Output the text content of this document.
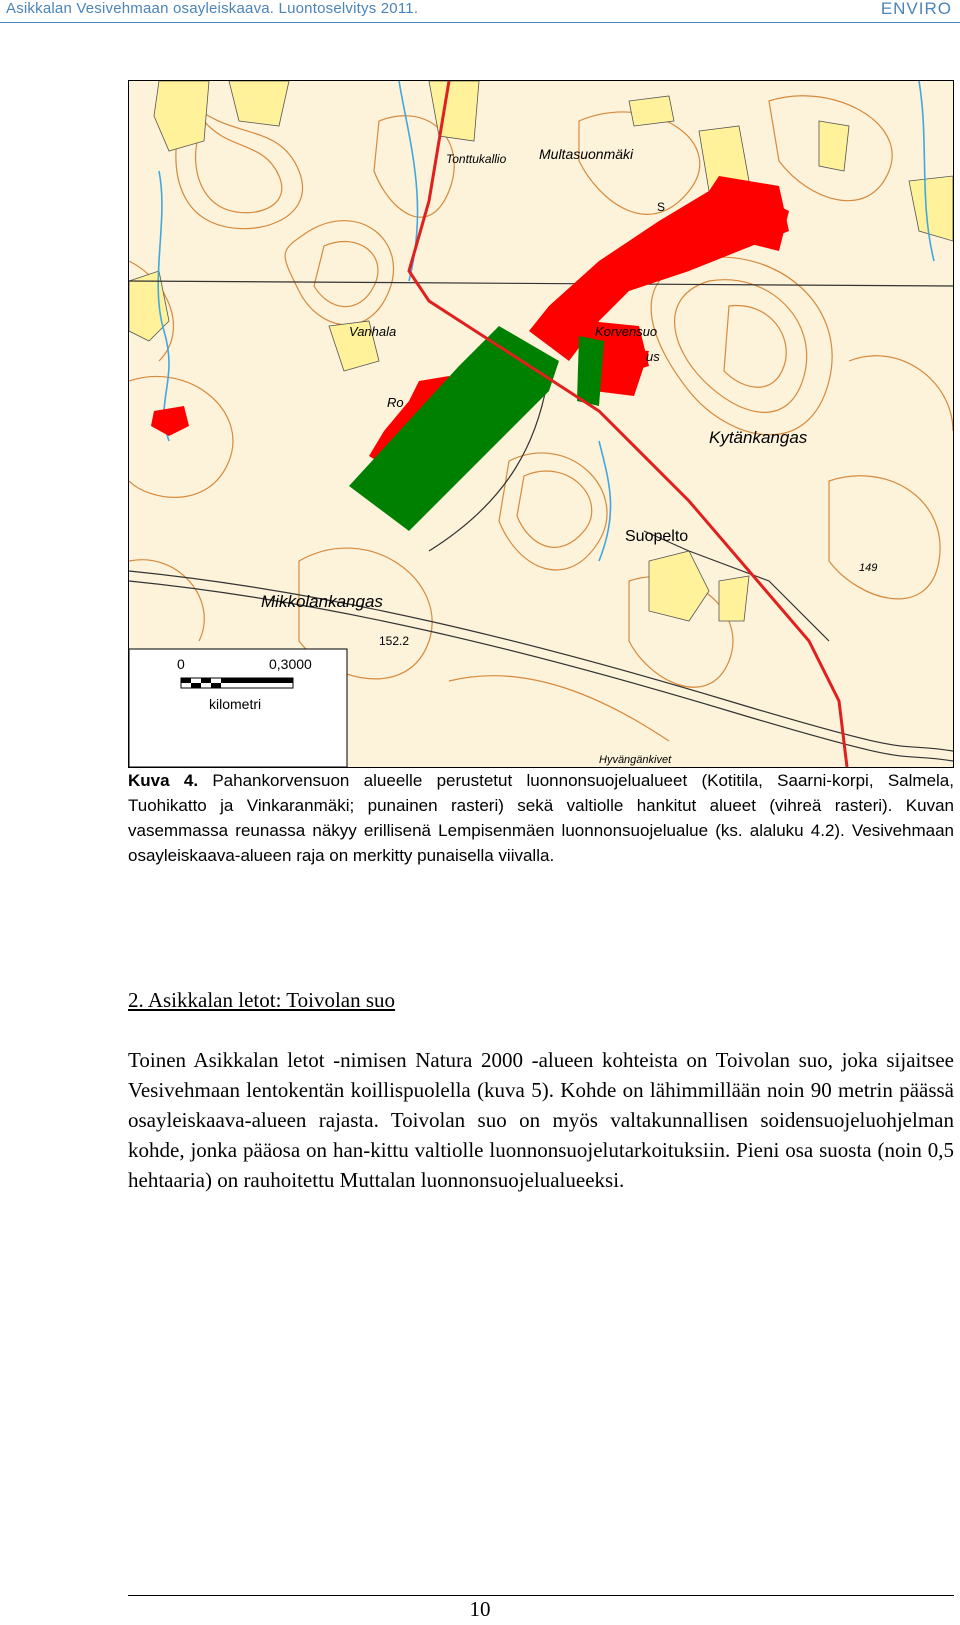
Asikkalan Vesivehmaan osayleiskaava. Luontoselvitys 2011.	ENVIRO
Tonttukallio Multasuonmäki
Vanhala	Korvensuo
us
Ro
Kytänkangas
Suopelto
Mikkolankangas
152.2
149
S
Hyvängänkivet
0	0,3000
kilometri
Kuva 4. Pahankorvensuon alueelle perustetut luonnonsuojelualueet (Kotitila, Saarni-korpi, Salmela, Tuohikatto ja Vinkaranmäki; punainen rasteri) sekä valtiolle hankitut alueet (vihreä rasteri). Kuvan vasemmassa reunassa näkyy erillisenä Lempisenmäen luonnonsuojelualue (ks. alaluku 4.2). Vesivehmaan osayleiskaava-alueen raja on merkitty punaisella viivalla.
2. Asikkalan letot: Toivolan suo
Toinen Asikkalan letot -nimisen Natura 2000 -alueen kohteista on Toivolan suo, joka sijaitsee Vesivehmaan lentokentän koillispuolella (kuva 5). Kohde on lähimmillään noin 90 metrin päässä osayleiskaava-alueen rajasta. Toivolan suo on myös valtakunnallisen soidensuojeluohjelman kohde, jonka pääosa on han-kittu valtiolle luonnonsuojelutarkoituksiin. Pieni osa suosta (noin 0,5 hehtaaria) on rauhoitettu Muttalan luonnonsuojelualueeksi.
10
